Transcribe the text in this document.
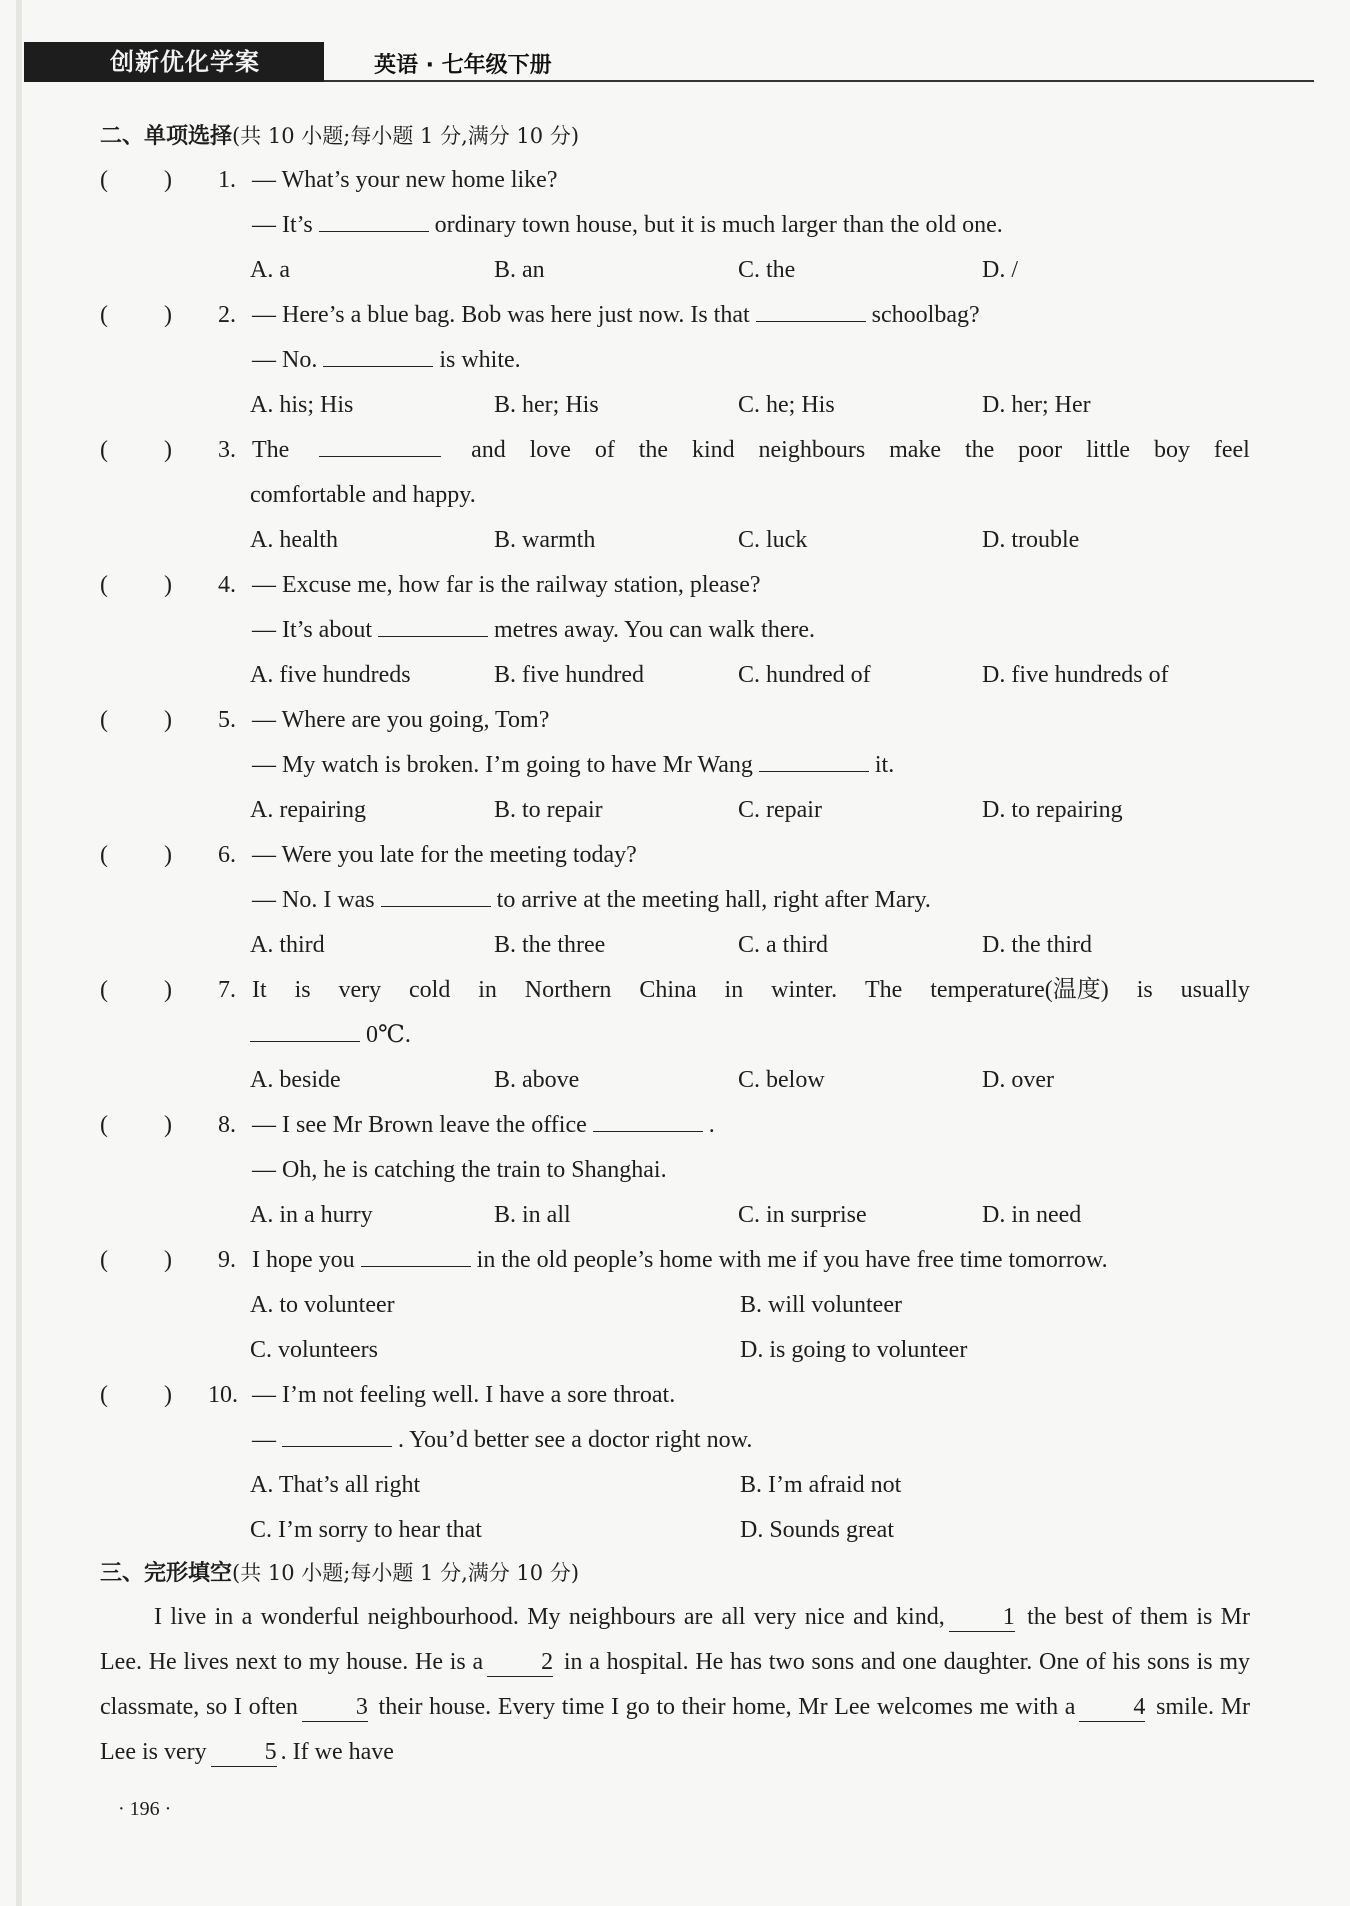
创新优化学案	英语 · 七年级下册
二、单项选择(共 10 小题;每小题 1 分,满分 10 分)
( )	1. — What’s your new home like?
— It’s	ordinary town house, but it is much larger than the old one.
A. a	B. an	C. the	D. /
( )	2. — Here’s a blue bag. Bob was here just now. Is that	schoolbag?
— No.	is white.
A. his; His	B. her; His	C. he; His	D. her; Her
( )	3. The	and love of the kind neighbours make the poor little boy feel
comfortable and happy.
A. health	B. warmth	C. luck	D. trouble
( )	4. — Excuse me, how far is the railway station, please?
— It’s about	metres away. You can walk there.
A. five hundreds	B. five hundred	C. hundred of	D. five hundreds of
( )	5. — Where are you going, Tom?
— My watch is broken. I’m going to have Mr Wang	it.
A. repairing	B. to repair	C. repair	D. to repairing
( )	6. — Were you late for the meeting today?
— No. I was	to arrive at the meeting hall, right after Mary.
A. third	B. the three	C. a third	D. the third
( )	7. It is very cold in Northern China in winter. The temperature(温度) is usually
0℃.
A. beside	B. above	C. below	D. over
( )	8. — I see Mr Brown leave the office	.
— Oh, he is catching the train to Shanghai.
A. in a hurry	B. in all	C. in surprise	D. in need
( )	9. I hope you	in the old people’s home with me if you have free time tomorrow.
A. to volunteer	B. will volunteer
C. volunteers	D. is going to volunteer
( )	10. — I’m not feeling well. I have a sore throat.
—	. You’d better see a doctor right now.
A. That’s all right	B. I’m afraid not
C. I’m sorry to hear that	D. Sounds great
三、完形填空(共 10 小题;每小题 1 分,满分 10 分)

I live in a wonderful neighbourhood. My neighbours are all very nice and kind, 1 the best of them is Mr Lee. He lives next to my house. He is a 2 in a hospital. He has two sons and one daughter. One of his sons is my classmate, so I often 3 their house. Every time I go to their home, Mr Lee welcomes me with a 4 smile. Mr Lee is very 5 . If we have

· 196 ·
